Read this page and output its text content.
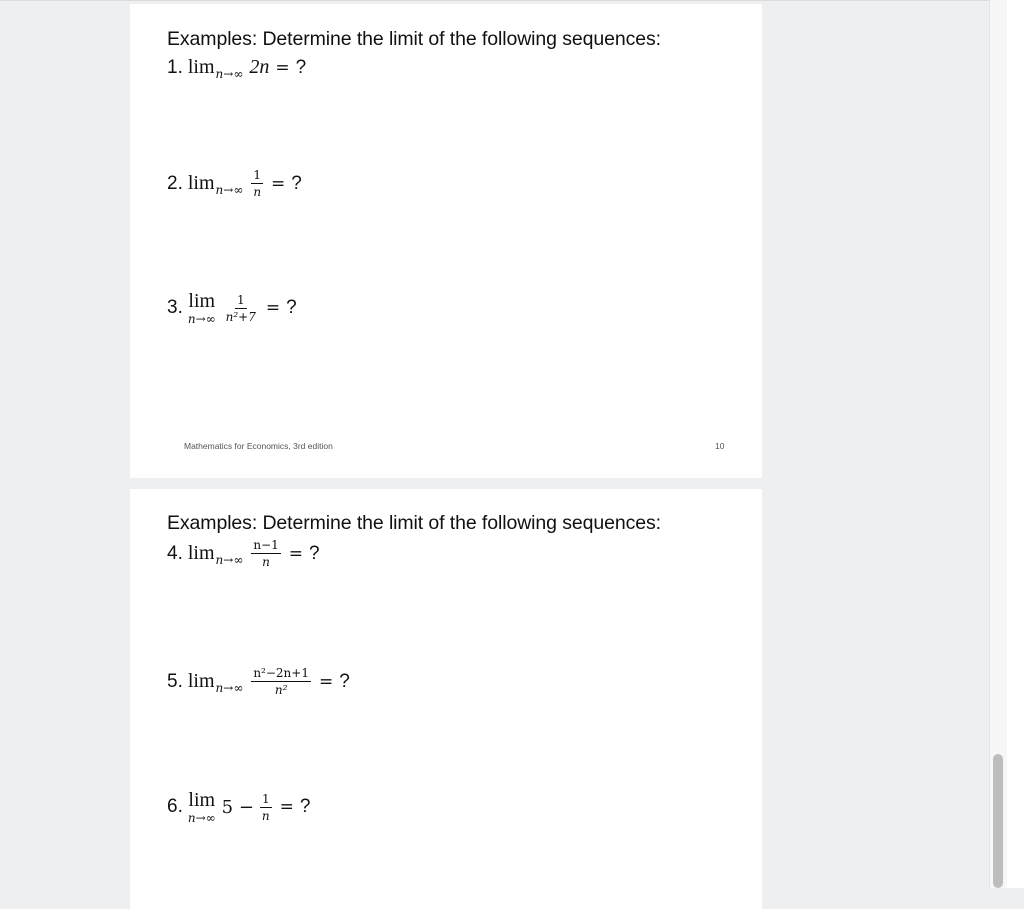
Examples: Determine the limit of the following sequences:
1. lim n→∞ 2n = ?
2. $\lim n\to\infty \frac{1}{n}$ = ?
3. lim
$n\to\infty \frac{1}{\text{n²+7}}$ = ?
Mathematics for Economics, 3rd edition	10
Examples: Determine the limit of the following sequences:
4. $\lim n\to\infty \frac{n-1}{n}$ = ?
5. $\lim n\to\infty \frac{\text{n²−2n+1}}{\text{n²}}$ = ?
6. lim
n→∞
$5 - \frac{1}{n}$ = ?
